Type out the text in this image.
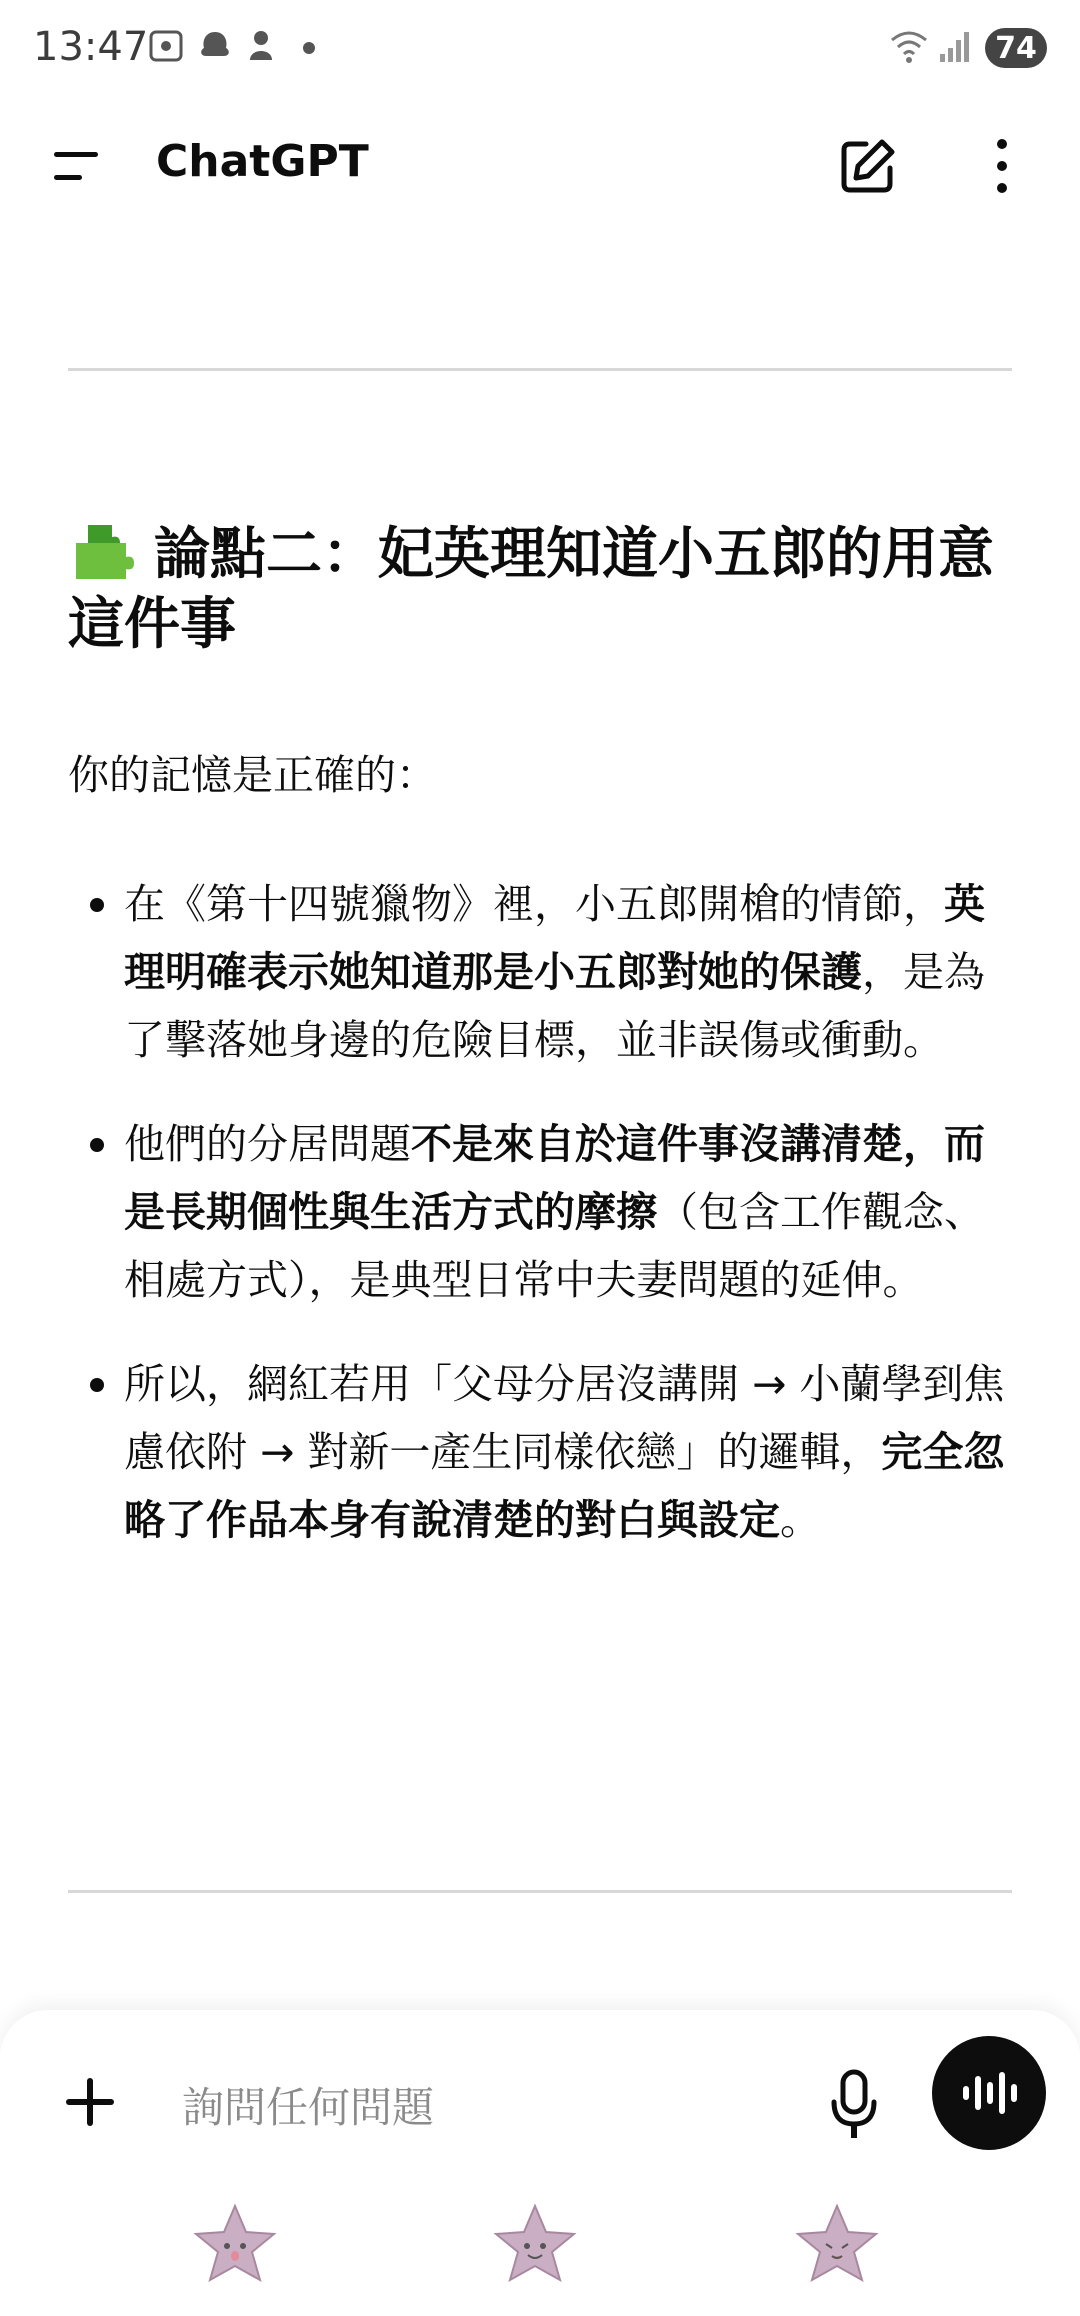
13:47	74
ChatGPT
論點二：妃英理知道小五郎的用意這件事
你的記憶是正確的：
在《第十四號獵物》裡，小五郎開槍的情節，英理明確表示她知道那是小五郎對她的保護，是為了擊落她身邊的危險目標，並非誤傷或衝動。
他們的分居問題不是來自於這件事沒講清楚，而是長期個性與生活方式的摩擦（包含工作觀念、相處方式），是典型日常中夫妻問題的延伸。
所以，網紅若用「父母分居沒講開 → 小蘭學到焦慮依附 → 對新一產生同樣依戀」的邏輯，完全忽略了作品本身有說清楚的對白與設定。
詢問任何問題
